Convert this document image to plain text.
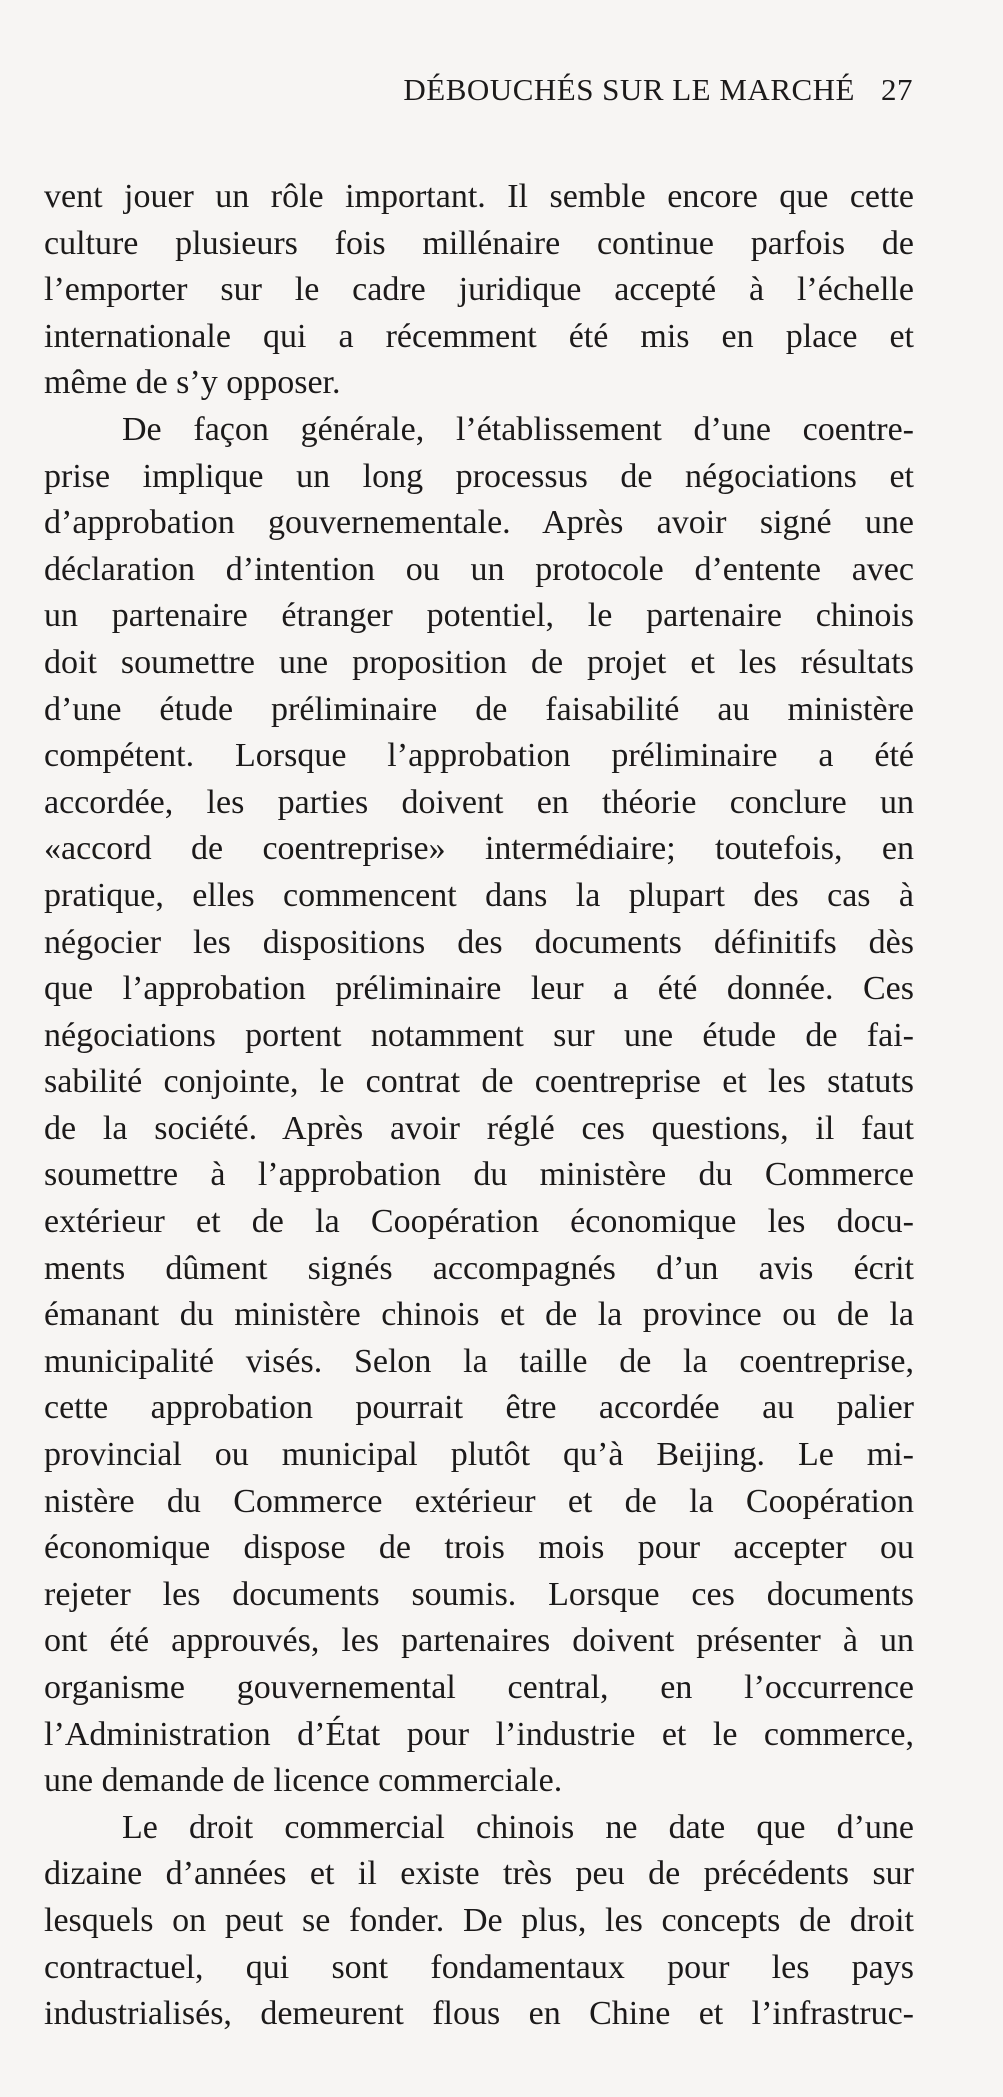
DÉBOUCHÉS SUR LE MARCHÉ 27

vent jouer un rôle important. Il semble encore que cette
culture plusieurs fois millénaire continue parfois de
l’emporter sur le cadre juridique accepté à l’échelle
internationale qui a récemment été mis en place et
même de s’y opposer.

De façon générale, l’établissement d’une coentre-
prise implique un long processus de négociations et
d’approbation gouvernementale. Après avoir signé une
déclaration d’intention ou un protocole d’entente avec
un partenaire étranger potentiel, le partenaire chinois
doit soumettre une proposition de projet et les résultats
d’une étude préliminaire de faisabilité au ministère
compétent. Lorsque l’approbation préliminaire a été
accordée, les parties doivent en théorie conclure un
«accord de coentreprise» intermédiaire; toutefois, en
pratique, elles commencent dans la plupart des cas à
négocier les dispositions des documents définitifs dès
que l’approbation préliminaire leur a été donnée. Ces
négociations portent notamment sur une étude de fai-
sabilité conjointe, le contrat de coentreprise et les statuts
de la société. Après avoir réglé ces questions, il faut
soumettre à l’approbation du ministère du Commerce
extérieur et de la Coopération économique les docu-
ments dûment signés accompagnés d’un avis écrit
émanant du ministère chinois et de la province ou de la
municipalité visés. Selon la taille de la coentreprise,
cette approbation pourrait être accordée au palier
provincial ou municipal plutôt qu’à Beijing. Le mi-
nistère du Commerce extérieur et de la Coopération
économique dispose de trois mois pour accepter ou
rejeter les documents soumis. Lorsque ces documents
ont été approuvés, les partenaires doivent présenter à un
organisme gouvernemental central, en l’occurrence
l’Administration d’État pour l’industrie et le commerce,
une demande de licence commerciale.

Le droit commercial chinois ne date que d’une
dizaine d’années et il existe très peu de précédents sur
lesquels on peut se fonder. De plus, les concepts de droit
contractuel, qui sont fondamentaux pour les pays
industrialisés, demeurent flous en Chine et l’infrastruc-
